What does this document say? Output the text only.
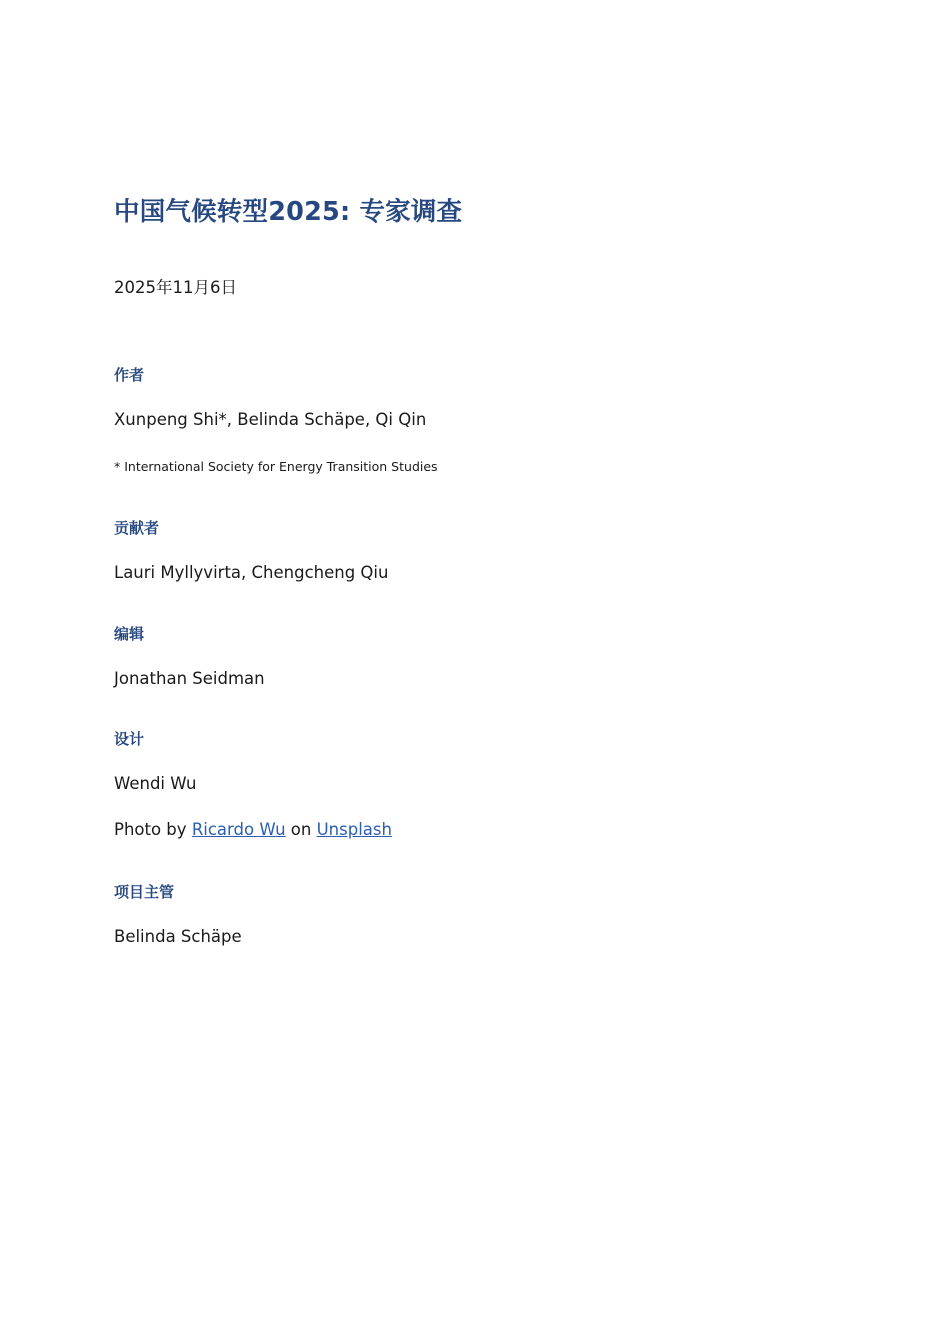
中国气候转型2025: 专家调查
2025年11月6日
作者
Xunpeng Shi*, Belinda Schäpe, Qi Qin
* International Society for Energy Transition Studies
贡献者
Lauri Myllyvirta, Chengcheng Qiu
编辑
Jonathan Seidman
设计
Wendi Wu
Photo by Ricardo Wu on Unsplash
项目主管
Belinda Schäpe
